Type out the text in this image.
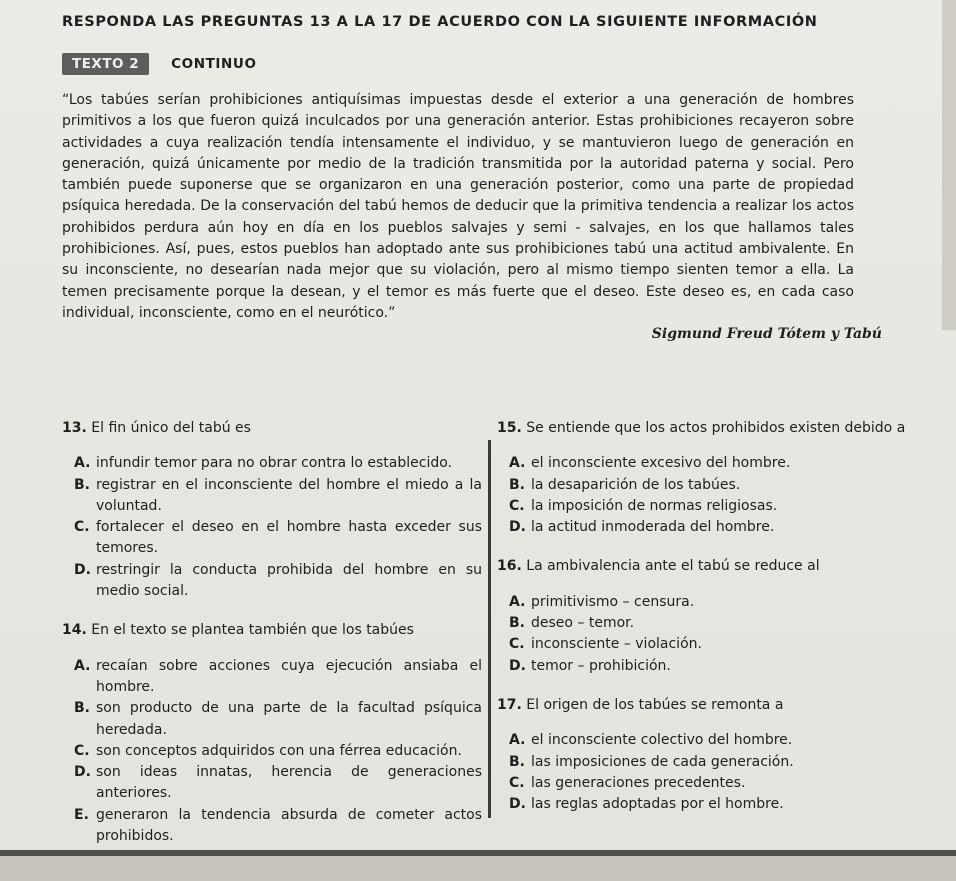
RESPONDA LAS PREGUNTAS 13 A LA 17 DE ACUERDO CON LA SIGUIENTE INFORMACIÓN
TEXTO 2	CONTINUO
“Los tabúes serían prohibiciones antiquísimas impuestas desde el exterior a una generación de hombres primitivos a los que fueron quizá inculcados por una generación anterior. Estas prohibiciones recayeron sobre actividades a cuya realización tendía intensamente el individuo, y se mantuvieron luego de generación en generación, quizá únicamente por medio de la tradición transmitida por la autoridad paterna y social. Pero también puede suponerse que se organizaron en una generación posterior, como una parte de propiedad psíquica heredada. De la conservación del tabú hemos de deducir que la primitiva tendencia a realizar los actos prohibidos perdura aún hoy en día en los pueblos salvajes y semi - salvajes, en los que hallamos tales prohibiciones. Así, pues, estos pueblos han adoptado ante sus prohibiciones tabú una actitud ambivalente. En su inconsciente, no desearían nada mejor que su violación, pero al mismo tiempo sienten temor a ella. La temen precisamente porque la desean, y el temor es más fuerte que el deseo. Este deseo es, en cada caso individual, inconsciente, como en el neurótico.”
Sigmund Freud Tótem y Tabú
13. El fin único del tabú es
A. infundir temor para no obrar contra lo establecido.
B. registrar en el inconsciente del hombre el miedo a la voluntad.
C. fortalecer el deseo en el hombre hasta exceder sus temores.
D. restringir la conducta prohibida del hombre en su medio social.
14. En el texto se plantea también que los tabúes
A. recaían sobre acciones cuya ejecución ansiaba el hombre.
B. son producto de una parte de la facultad psíquica heredada.
C. son conceptos adquiridos con una férrea educación.
D. son ideas innatas, herencia de generaciones anteriores.
E. generaron la tendencia absurda de cometer actos prohibidos.
15. Se entiende que los actos prohibidos existen debido a
A. el inconsciente excesivo del hombre.
B. la desaparición de los tabúes.
C. la imposición de normas religiosas.
D. la actitud inmoderada del hombre.
16. La ambivalencia ante el tabú se reduce al
A. primitivismo – censura.
B. deseo – temor.
C. inconsciente – violación.
D. temor – prohibición.
17. El origen de los tabúes se remonta a
A. el inconsciente colectivo del hombre.
B. las imposiciones de cada generación.
C. las generaciones precedentes.
D. las reglas adoptadas por el hombre.
